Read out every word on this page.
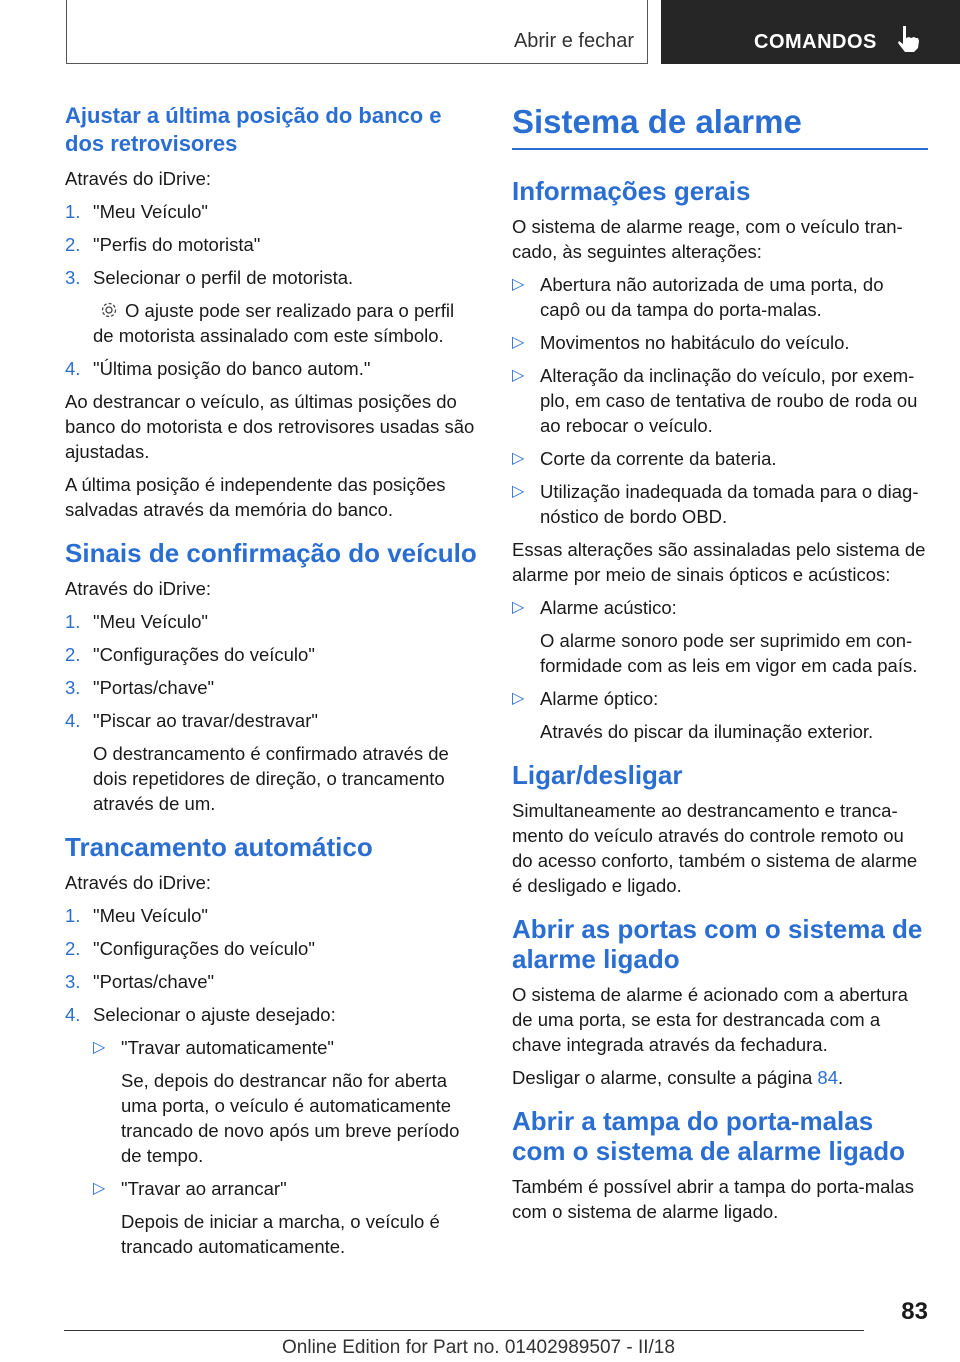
Abrir e fechar	COMANDOS
Ajustar a última posição do banco e dos retrovisores

Através do iDrive:

1. "Meu Veículo"
2. "Perfis do motorista"
3. Selecionar o perfil de motorista.
O ajuste pode ser realizado para o perfil de motorista assinalado com este símbolo.
4. "Última posição do banco autom."

Ao destrancar o veículo, as últimas posições do banco do motorista e dos retrovisores usadas são ajustadas.

A última posição é independente das posições salvadas através da memória do banco.

Sinais de confirmação do veículo

Através do iDrive:

1. "Meu Veículo"
2. "Configurações do veículo"
3. "Portas/chave"
4. "Piscar ao travar/destravar"
O destrancamento é confirmado através de dois repetidores de direção, o trancamento através de um.
Trancamento automático

Através do iDrive:

1. "Meu Veículo"
2. "Configurações do veículo"
3. "Portas/chave"
4. Selecionar o ajuste desejado:
▷ "Travar automaticamente"
Se, depois do destrancar não for aberta uma porta, o veículo é automaticamente trancado de novo após um breve período de tempo.
▷ "Travar ao arrancar"
Depois de iniciar a marcha, o veículo é trancado automaticamente.
Sistema de alarme
Informações gerais

O sistema de alarme reage, com o veículo tran-cado, às seguintes alterações:

▷ Abertura não autorizada de uma porta, do capô ou da tampa do porta-malas.
▷ Movimentos no habitáculo do veículo.
▷ Alteração da inclinação do veículo, por exem-plo, em caso de tentativa de roubo de roda ou ao rebocar o veículo.
▷ Corte da corrente da bateria.
▷ Utilização inadequada da tomada para o diag-nóstico de bordo OBD.

Essas alterações são assinaladas pelo sistema de alarme por meio de sinais ópticos e acústicos:

▷ Alarme acústico:
O alarme sonoro pode ser suprimido em con-formidade com as leis em vigor em cada país.
▷ Alarme óptico:
Através do piscar da iluminação exterior.
Ligar/desligar

Simultaneamente ao destrancamento e tranca-mento do veículo através do controle remoto ou do acesso conforto, também o sistema de alarme é desligado e ligado.

Abrir as portas com o sistema de alarme ligado

O sistema de alarme é acionado com a abertura de uma porta, se esta for destrancada com a chave integrada através da fechadura.

Desligar o alarme, consulte a página 84.

Abrir a tampa do porta-malas com o sistema de alarme ligado

Também é possível abrir a tampa do porta-malas com o sistema de alarme ligado.

83
Online Edition for Part no. 01402989507 - II/18
